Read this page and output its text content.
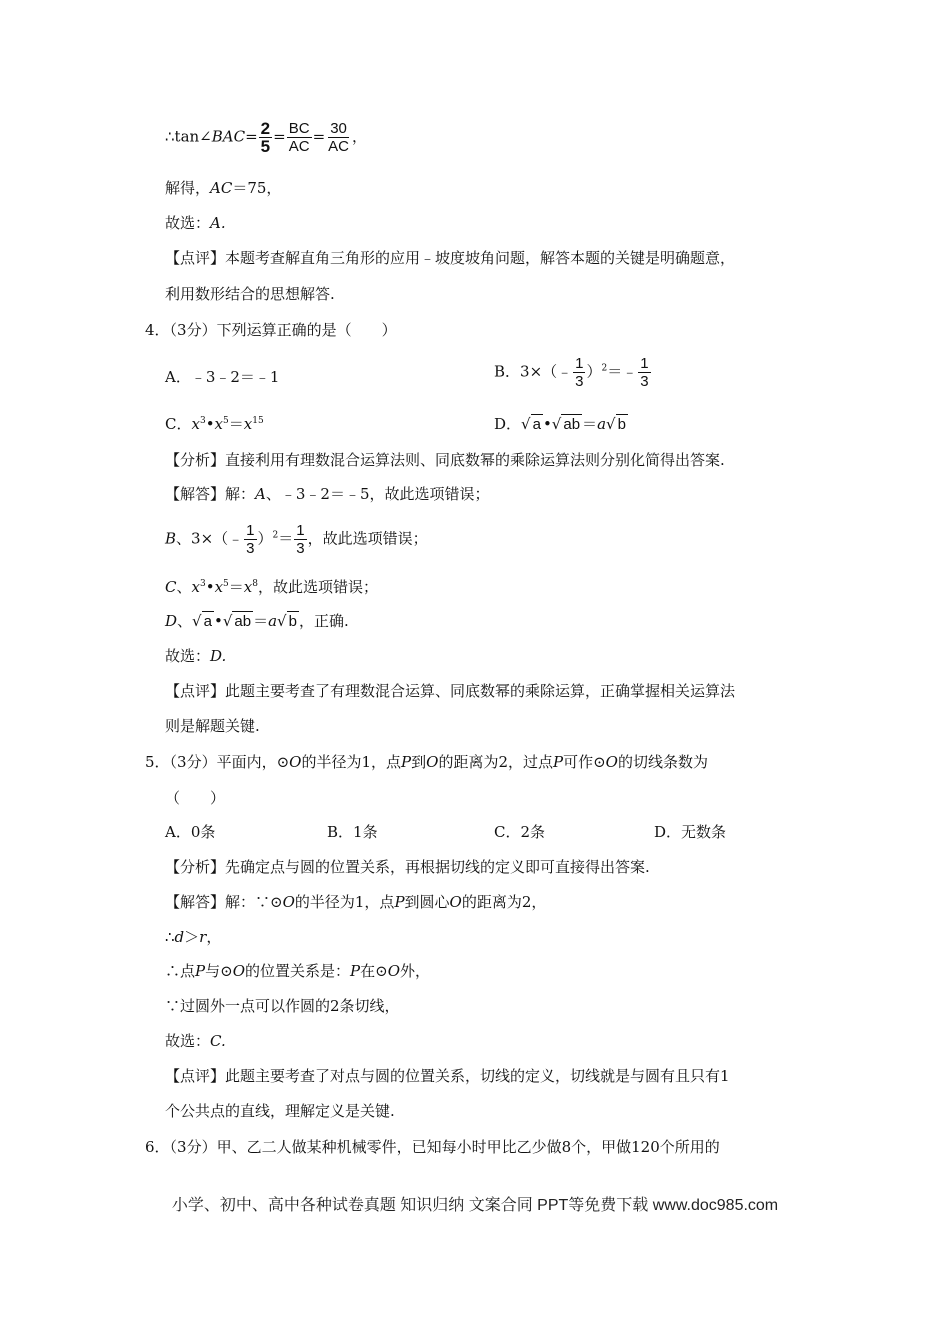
∴tan∠BAC= $\frac{2}{5} = \frac{BC}{AC} = \frac{30}{AC}$ ，
解得，AC＝75，
故选：A.
【点评】本题考查解直角三角形的应用﹣坡度坡角问题，解答本题的关键是明确题意，
利用数形结合的思想解答.
4．（3分）下列运算正确的是（　　）
A．﹣3﹣2＝﹣1	B．3×（﹣ $\frac{1}{3}$ ）$^2$＝﹣ $\frac{1}{3}$
C．$x^3•x^5=x^{15}$	D．√ a •√ ab ＝a√ b
【分析】直接利用有理数混合运算法则、同底数幂的乘除运算法则分别化简得出答案.
【解答】解：A、﹣3﹣2＝﹣5，故此选项错误；
B、3×（﹣ $\frac{1}{3} )^2= \frac{1}{3}$ ，故此选项错误；
C、$x^3•x^5=x^8$，故此选项错误；
D、√ a •√ ab ＝a√ b ，正确.
故选：D.
【点评】此题主要考查了有理数混合运算、同底数幂的乘除运算，正确掌握相关运算法
则是解题关键.
5．（3分）平面内，⊙O的半径为1，点P到O的距离为2，过点P可作⊙O的切线条数为
（　　）
A．0条	B．1条	C．2条	D．无数条
【分析】先确定点与圆的位置关系，再根据切线的定义即可直接得出答案.
【解答】解：∵⊙O的半径为1，点P到圆心O的距离为2，
∴d＞r，
∴点P与⊙O的位置关系是：P在⊙O外，
∵过圆外一点可以作圆的2条切线，
故选：C.
【点评】此题主要考查了对点与圆的位置关系，切线的定义，切线就是与圆有且只有1
个公共点的直线，理解定义是关键.
6．（3分）甲、乙二人做某种机械零件，已知每小时甲比乙少做8个，甲做120个所用的
小学、初中、高中各种试卷真题 知识归纳 文案合同 PPT等免费下载 www.doc985.com
